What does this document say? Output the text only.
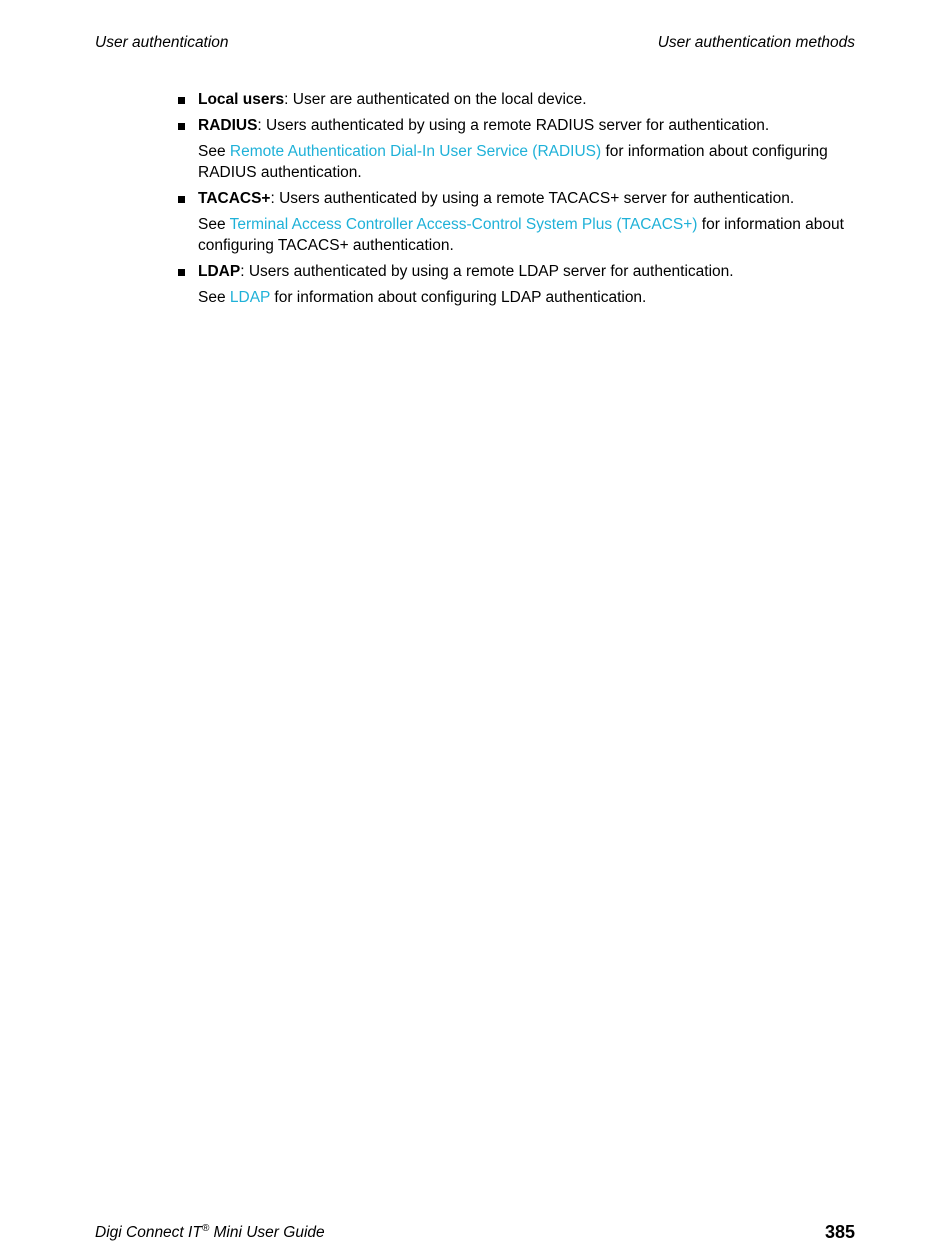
User authentication	User authentication methods

Local users: User are authenticated on the local device.

RADIUS: Users authenticated by using a remote RADIUS server for authentication.

See Remote Authentication Dial-In User Service (RADIUS) for information about configuring RADIUS authentication.

TACACS+: Users authenticated by using a remote TACACS+ server for authentication.

See Terminal Access Controller Access-Control System Plus (TACACS+) for information about configuring TACACS+ authentication.

LDAP: Users authenticated by using a remote LDAP server for authentication.

See LDAP for information about configuring LDAP authentication.

Digi Connect IT® Mini User Guide	385
